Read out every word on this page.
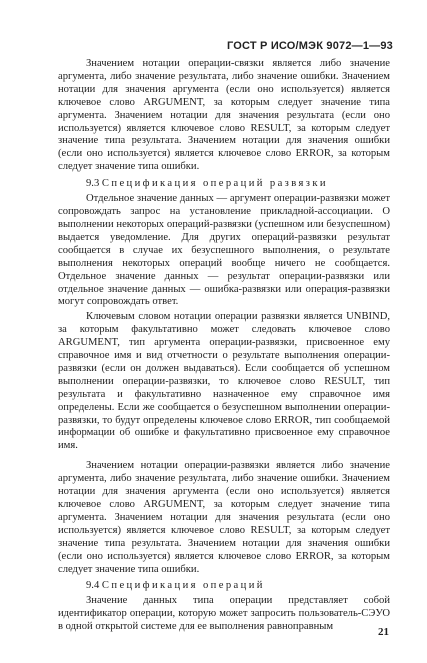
ГОСТ Р ИСО/МЭК 9072—1—93

Значением нотации операции-связки является либо значение аргумента, либо значение результата, либо значение ошибки. Значением нотации для значения аргумента (если оно используется) является ключевое слово ARGUMENT, за которым следует значение типа аргумента. Значением нотации для значения результата (если оно используется) является ключевое слово RESULT, за которым следует значение типа результата. Значением нотации для значения ошибки (если оно используется) является ключевое слово ERROR, за которым следует значение типа ошибки.

9.3 Спецификация операций развязки

Отдельное значение данных — аргумент операции-развязки может сопровождать запрос на установление прикладной-ассоциации. О выполнении некоторых операций-развязки (успешном или безуспешном) выдается уведомление. Для других операций-развязки результат сообщается в случае их безуспешного выполнения, о результате выполнения некоторых операций вообще ничего не сообщается. Отдельное значение данных — результат операции-развязки или отдельное значение данных — ошибка-развязки или операция-развязки могут сопровождать ответ.

Ключевым словом нотации операции развязки является UNBIND, за которым факультативно может следовать ключевое слово ARGUMENT, тип аргумента операции-развязки, присвоенное ему справочное имя и вид отчетности о результате выполнения операции-развязки (если он должен выдаваться). Если сообщается об успешном выполнении операции-развязки, то ключевое слово RESULT, тип результата и факультативно назначенное ему справочное имя определены. Если же сообщается о безуспешном выполнении операции-развязки, то будут определены ключевое слово ERROR, тип сообщаемой информации об ошибке и факультативно присвоенное ему справочное имя.

Значением нотации операции-развязки является либо значение аргумента, либо значение результата, либо значение ошибки. Значением нотации для значения аргумента (если оно используется) является ключевое слово ARGUMENT, за которым следует значение типа аргумента. Значением нотации для значения результата (если оно используется) является ключевое слово RESULT, за которым следует значение типа результата. Значением нотации для значения ошибки (если оно используется) является ключевое слово ERROR, за которым следует значение типа ошибки.

9.4 Спецификация операций

Значение данных типа операции представляет собой идентификатор операции, которую может запросить пользователь-СЭУО в одной открытой системе для ее выполнения равноправным	21
